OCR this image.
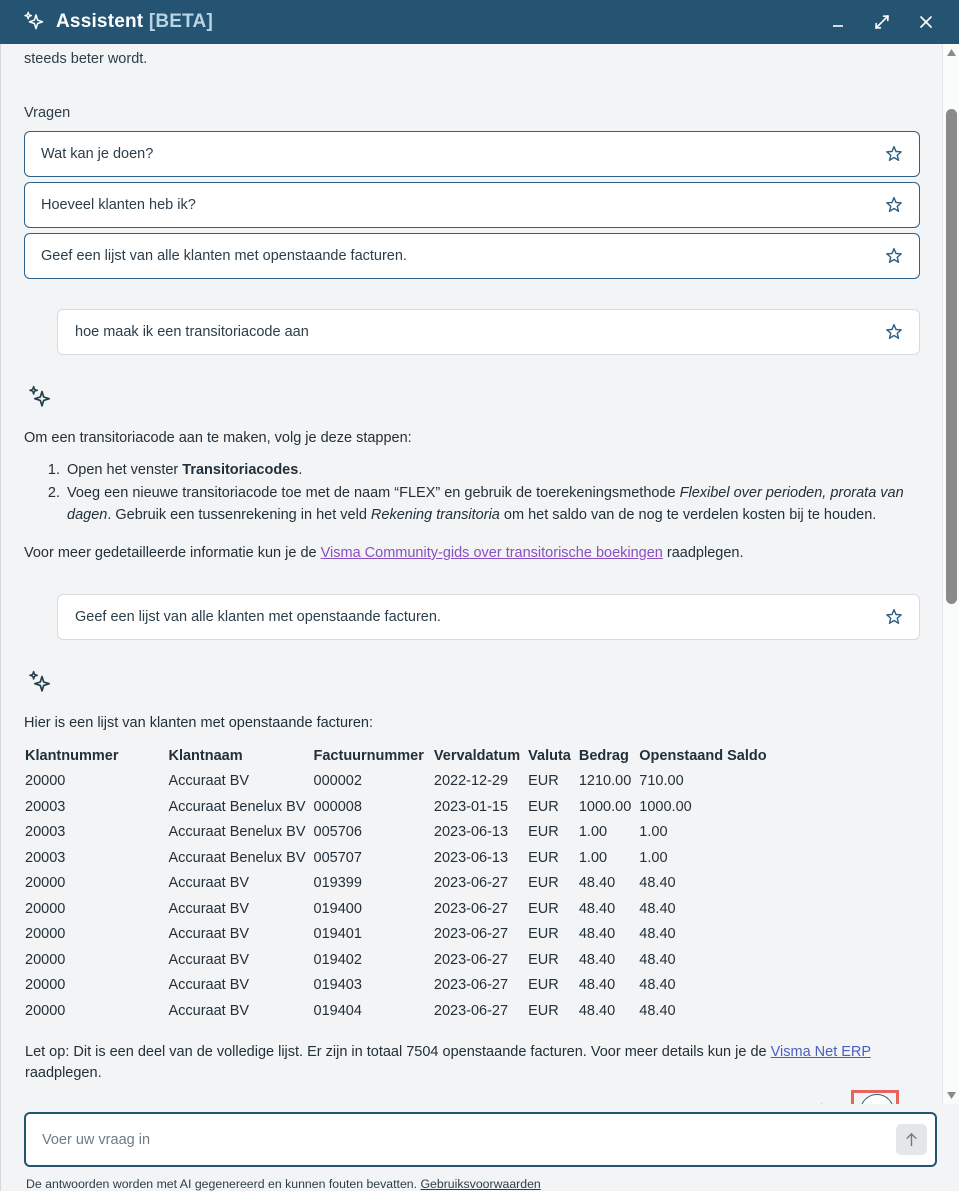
Assistent [BETA]
steeds beter wordt.
Vragen
Wat kan je doen?
Hoeveel klanten heb ik?
Geef een lijst van alle klanten met openstaande facturen.
hoe maak ik een transitoriacode aan

Om een transitoriacode aan te maken, volg je deze stappen:

1. Open het venster Transitoriacodes.
2. Voeg een nieuwe transitoriacode toe met de naam “FLEX” en gebruik de toerekeningsmethode Flexibel over perioden, prorata van dagen. Gebruik een tussenrekening in het veld Rekening transitoria om het saldo van de nog te verdelen kosten bij te houden.

Voor meer gedetailleerde informatie kun je de Visma Community-gids over transitorische boekingen raadplegen.

Geef een lijst van alle klanten met openstaande facturen.

Hier is een lijst van klanten met openstaande facturen:

Klantnummer	Klantnaam	Factuurnummer	Vervaldatum	Valuta	Bedrag	Openstaand Saldo
20000	Accuraat BV	000002	2022-12-29	EUR	1210.00	710.00
20003	Accuraat Benelux BV	000008	2023-01-15	EUR	1000.00	1000.00
20003	Accuraat Benelux BV	005706	2023-06-13	EUR	1.00	1.00
20003	Accuraat Benelux BV	005707	2023-06-13	EUR	1.00	1.00
20000	Accuraat BV	019399	2023-06-27	EUR	48.40	48.40
20000	Accuraat BV	019400	2023-06-27	EUR	48.40	48.40
20000	Accuraat BV	019401	2023-06-27	EUR	48.40	48.40
20000	Accuraat BV	019402	2023-06-27	EUR	48.40	48.40
20000	Accuraat BV	019403	2023-06-27	EUR	48.40	48.40
20000	Accuraat BV	019404	2023-06-27	EUR	48.40	48.40

Let op: Dit is een deel van de volledige lijst. Er zijn in totaal 7504 openstaande facturen. Voor meer details kun je de Visma Net ERP raadplegen.

Voer uw vraag in
De antwoorden worden met AI gegenereerd en kunnen fouten bevatten. Gebruiksvoorwaarden
